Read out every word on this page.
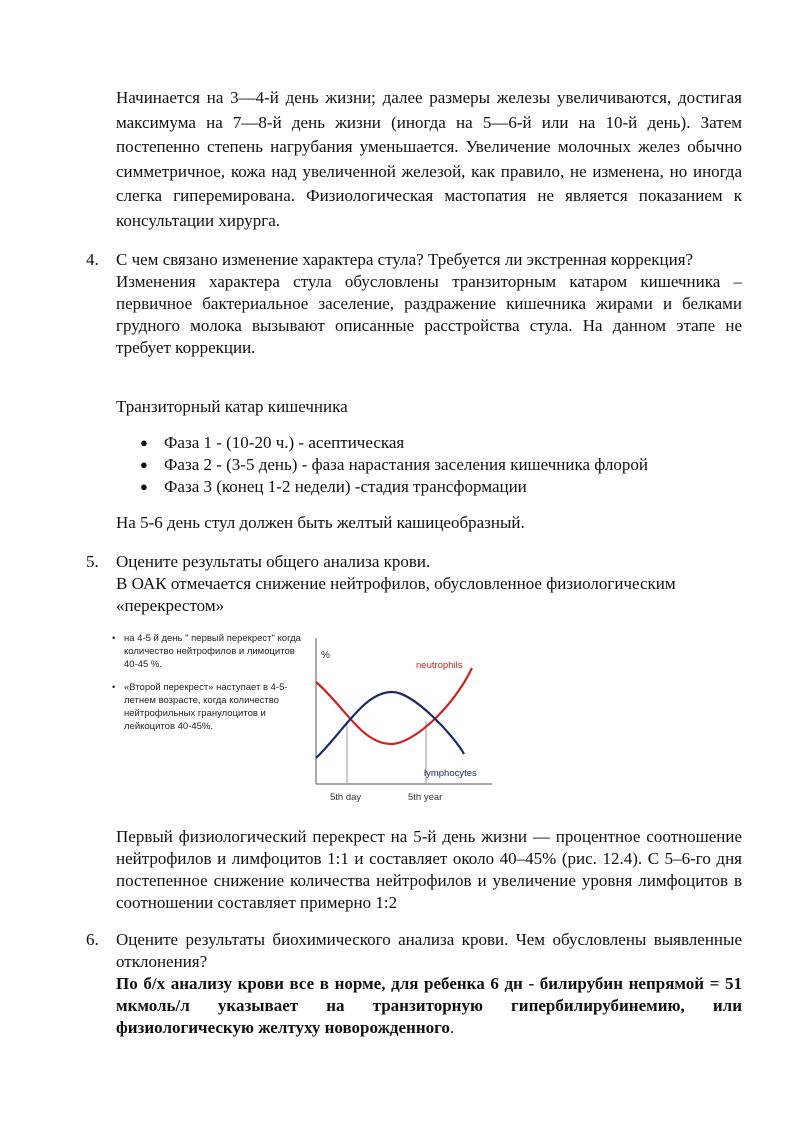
Начинается на 3—4-й день жизни; далее размеры железы увеличиваются, достигая максимума на 7—8-й день жизни (иногда на 5—6-й или на 10-й день). Затем постепенно степень нагрубания уменьшается. Увеличение молочных желез обычно симметричное, кожа над увеличенной железой, как правило, не изменена, но иногда слегка гиперемирована. Физиологическая мастопатия не является показанием к консультации хирурга.

4.	С чем связано изменение характера стула? Требуется ли экстренная коррекция?

Изменения характера стула обусловлены транзиторным катаром кишечника – первичное бактериальное заселение, раздражение кишечника жирами и белками грудного молока вызывают описанные расстройства стула. На данном этапе не требует коррекции.

Транзиторный катар кишечника
● Фаза 1 - (10-20 ч.) - асептическая
● Фаза 2 - (3-5 день) - фаза нарастания заселения кишечника флорой
● Фаза 3 (конец 1-2 недели) -стадия трансформации
На 5-6 день стул должен быть желтый кашицеобразный.
5.	Оцените результаты общего анализа крови.

В ОАК отмечается снижение нейтрофилов, обусловленное физиологическим «перекрестом»

• на 4-5 й день " первый перекрест" когда количество нейтрофилов и лимоцитов 40-45 %.
• «Второй перекрест» наступает в 4-5-летнем возрасте, когда количество нейтрофильных гранулоцитов и лейкоцитов 40-45%.
%
neutrophils
lymphocytes
5th day	5th year

Первый физиологический перекрест на 5-й день жизни — процентное соотношение нейтрофилов и лимфоцитов 1:1 и составляет около 40–45% (рис. 12.4). С 5–6-го дня постепенное снижение количества нейтрофилов и увеличение уровня лимфоцитов в соотношении составляет примерно 1:2

6.	Оцените результаты биохимического анализа крови. Чем обусловлены выявленные отклонения?

По б/х анализу крови все в норме, для ребенка 6 дн - билирубин непрямой = 51 мкмоль/л указывает на транзиторную гипербилирубинемию, или физиологическую желтуху новорожденного.
